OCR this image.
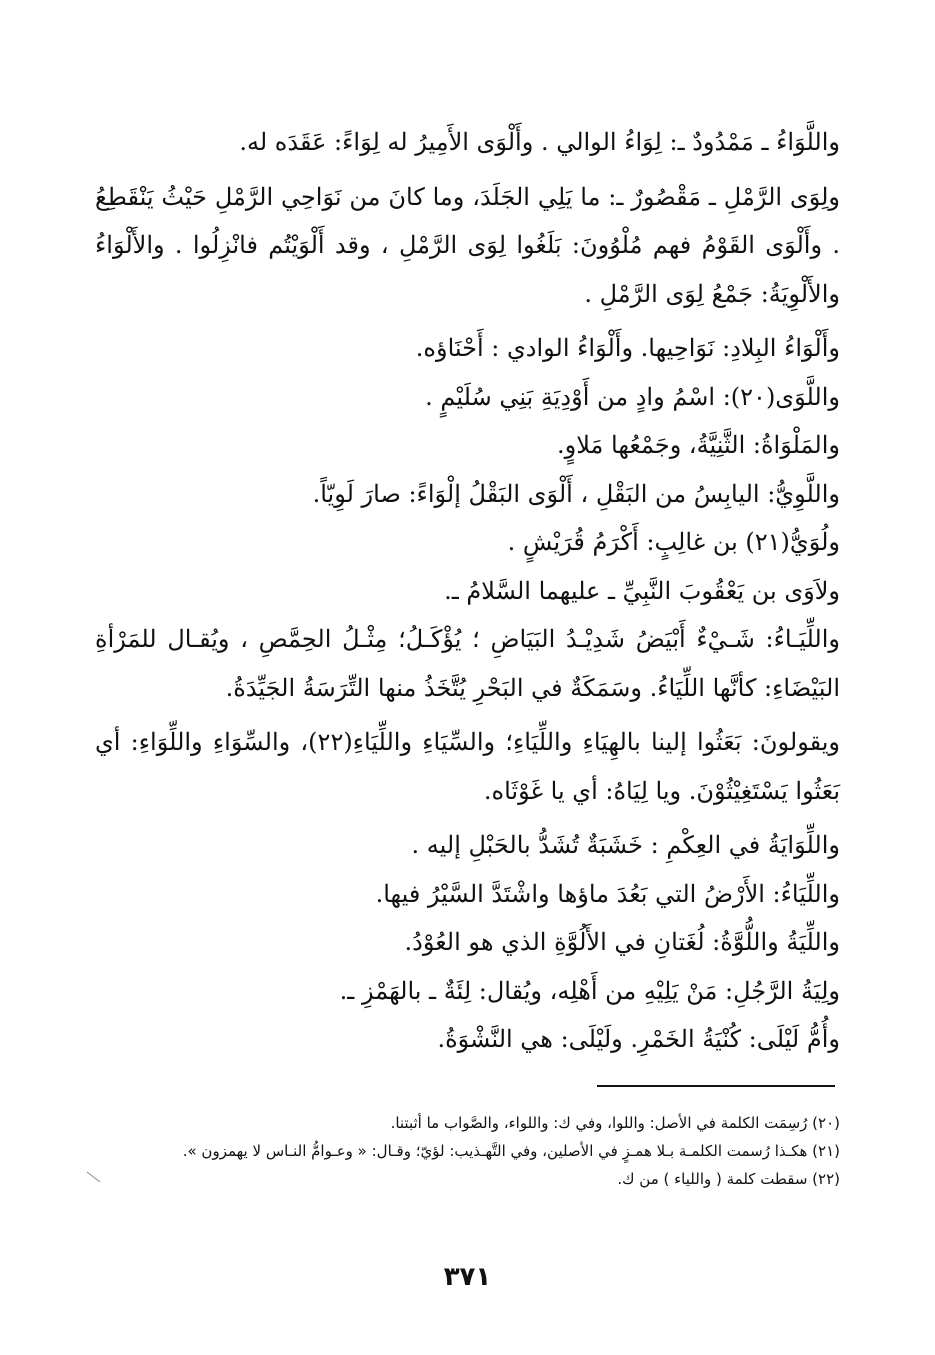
واللَّوَاءُ ـ مَمْدُودٌ ـ: لِوَاءُ الوالي . وأَلْوَى الأَمِيرُ له لِوَاءً: عَقَدَه له.

ولِوَى الرَّمْلِ ـ مَقْصُورٌ ـ: ما يَلِي الجَلَدَ، وما كانَ من نَوَاحِي الرَّمْلِ حَيْثُ يَنْقَطِعُ . وأَلْوَى القَوْمُ فهم مُلْوُونَ: بَلَغُوا لِوَى الرَّمْلِ ، وقد أَلْوَيْتُم فانْزِلُوا . والأَلْوَاءُ والأَلْوِيَةُ: جَمْعُ لِوَى الرَّمْلِ .

وأَلْوَاءُ البِلادِ: نَوَاحِيها. وأَلْوَاءُ الوادي : أَحْنَاؤه.

واللَّوَى(٢٠): اسْمُ وادٍ من أَوْدِيَةِ بَنِي سُلَيْمٍ .

والمَلْوَاةُ: الثَّنِيَّةُ، وجَمْعُها مَلاوٍ.

واللَّوِيُّ: اليابِسُ من البَقْلِ ، أَلْوَى البَقْلُ إلْوَاءً: صارَ لَوِيّاً.

ولُوَيُّ(٢١) بن غالِبٍ: أَكْرَمُ قُرَيْشٍ .

ولاَوَى بن يَعْقُوبَ النَّبِيِّ ـ عليهما السَّلامُ ـ.

واللِّيَـاءُ: شَـيْءٌ أَبْيَضُ شَدِيْـدُ البَيَاضِ ؛ يُؤْكَـلُ؛ مِثْـلُ الحِمَّصِ ، ويُقـال للمَرْأةِ البَيْضَاءِ: كأنَّها اللِّيَاءُ. وسَمَكَةٌ في البَحْرِ يُتَّخَذُ منها التِّرَسَةُ الجَيِّدَةُ.

ويقولونَ: بَعَثُوا إلينا بالهِيَاءِ واللِّيَاءِ؛ والسِّيَاءِ واللِّيَاءِ(٢٢)، والسِّوَاءِ واللِّوَاءِ: أي بَعَثُوا يَسْتَغِيْثُوْنَ. ويا لِيَاهُ: أي يا غَوْثَاه.

واللِّوَايَةُ في العِكْمِ : خَشَبَةٌ تُشَدُّ بالحَبْلِ إليه .

واللِّيَاءُ: الأَرْضُ التي بَعُدَ ماؤها واشْتَدَّ السَّيْرُ فيها.

واللِّيَةُ واللُّوَّةُ: لُغَتانِ في الأَلُوَّةِ الذي هو العُوْدُ.

ولِيَةُ الرَّجُلِ: مَنْ يَلِيْهِ من أَهْلِه، ويُقال: لِئَةٌ ـ بالهَمْزِ ـ.

وأُمُّ لَيْلَى: كُنْيَةُ الخَمْرِ. ولَيْلَى: هي النَّشْوَةُ.

(٢٠) رُسِمَت الكلمة في الأصل: واللوا، وفي ك: واللواء، والصَّواب ما أثبتنا.

(٢١) هكـذا رُسمت الكلمـة بـلا همـزٍ في الأصلين، وفي التَّهـذيب: لؤيّ؛ وقـال: « وعـوامُّ النـاس لا يهمزون ».

(٢٢) سقطت كلمة ( واللياء ) من ك.

٣٧١
